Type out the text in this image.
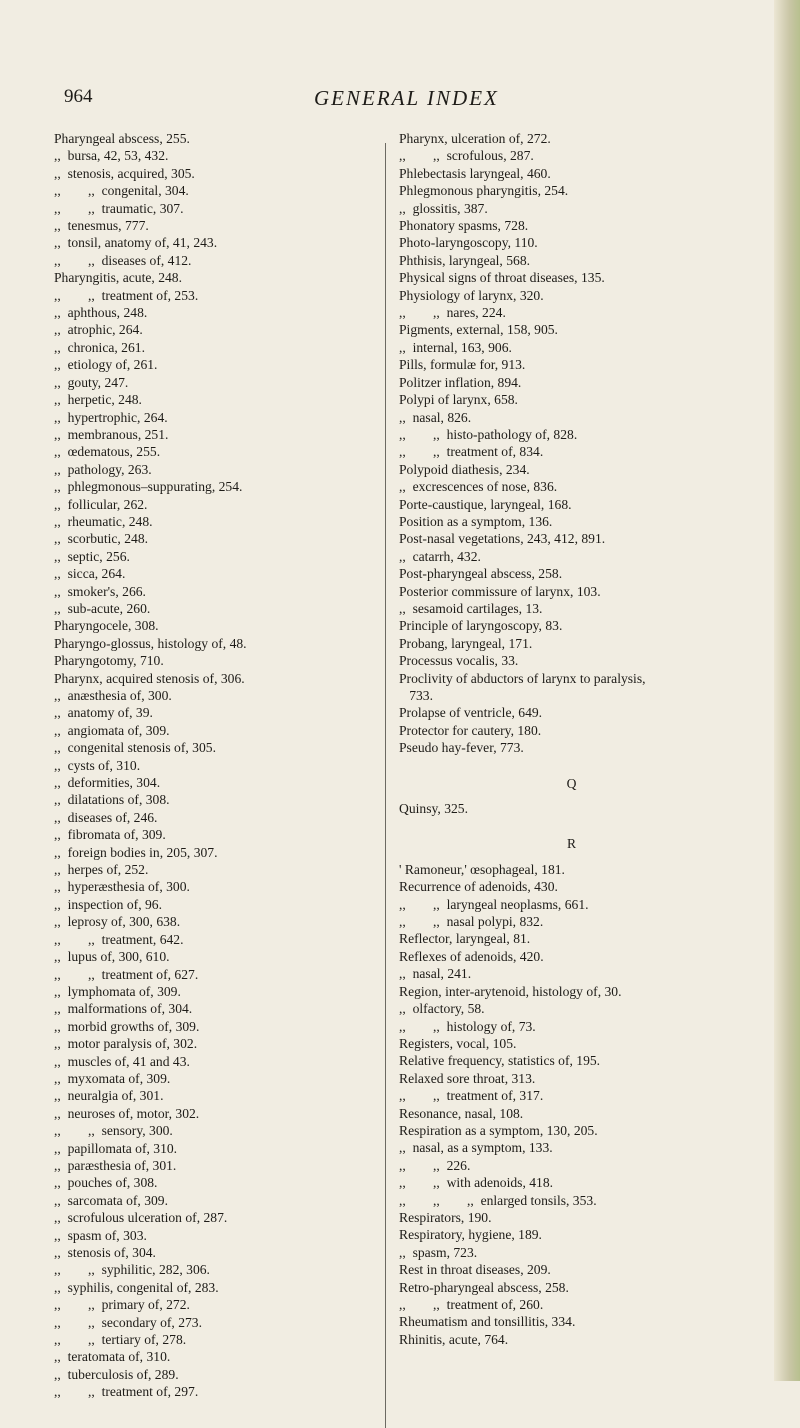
964	GENERAL INDEX
Pharyngeal abscess, 255.
,,  bursa, 42, 53, 432.
,,  stenosis, acquired, 305.
,,        ,,  congenital, 304.
,,        ,,  traumatic, 307.
,,  tenesmus, 777.
,,  tonsil, anatomy of, 41, 243.
,,        ,,  diseases of, 412.
Pharyngitis, acute, 248.
,,        ,,  treatment of, 253.
,,  aphthous, 248.
,,  atrophic, 264.
,,  chronica, 261.
,,  etiology of, 261.
,,  gouty, 247.
,,  herpetic, 248.
,,  hypertrophic, 264.
,,  membranous, 251.
,,  œdematous, 255.
,,  pathology, 263.
,,  phlegmonous–suppurating, 254.
,,  follicular, 262.
,,  rheumatic, 248.
,,  scorbutic, 248.
,,  septic, 256.
,,  sicca, 264.
,,  smoker's, 266.
,,  sub-acute, 260.
Pharyngocele, 308.
Pharyngo-glossus, histology of, 48.
Pharyngotomy, 710.
Pharynx, acquired stenosis of, 306.
,,  anæsthesia of, 300.
,,  anatomy of, 39.
,,  angiomata of, 309.
,,  congenital stenosis of, 305.
,,  cysts of, 310.
,,  deformities, 304.
,,  dilatations of, 308.
,,  diseases of, 246.
,,  fibromata of, 309.
,,  foreign bodies in, 205, 307.
,,  herpes of, 252.
,,  hyperæsthesia of, 300.
,,  inspection of, 96.
,,  leprosy of, 300, 638.
,,        ,,  treatment, 642.
,,  lupus of, 300, 610.
,,        ,,  treatment of, 627.
,,  lymphomata of, 309.
,,  malformations of, 304.
,,  morbid growths of, 309.
,,  motor paralysis of, 302.
,,  muscles of, 41 and 43.
,,  myxomata of, 309.
,,  neuralgia of, 301.
,,  neuroses of, motor, 302.
,,        ,,  sensory, 300.
,,  papillomata of, 310.
,,  paræsthesia of, 301.
,,  pouches of, 308.
,,  sarcomata of, 309.
,,  scrofulous ulceration of, 287.
,,  spasm of, 303.
,,  stenosis of, 304.
,,        ,,  syphilitic, 282, 306.
,,  syphilis, congenital of, 283.
,,        ,,  primary of, 272.
,,        ,,  secondary of, 273.
,,        ,,  tertiary of, 278.
,,  teratomata of, 310.
,,  tuberculosis of, 289.
,,        ,,  treatment of, 297.
Pharynx, ulceration of, 272.
,,        ,,  scrofulous, 287.
Phlebectasis laryngeal, 460.
Phlegmonous pharyngitis, 254.
,,  glossitis, 387.
Phonatory spasms, 728.
Photo-laryngoscopy, 110.
Phthisis, laryngeal, 568.
Physical signs of throat diseases, 135.
Physiology of larynx, 320.
,,        ,,  nares, 224.
Pigments, external, 158, 905.
,,  internal, 163, 906.
Pills, formulæ for, 913.
Politzer inflation, 894.
Polypi of larynx, 658.
,,  nasal, 826.
,,        ,,  histo-pathology of, 828.
,,        ,,  treatment of, 834.
Polypoid diathesis, 234.
,,  excrescences of nose, 836.
Porte-caustique, laryngeal, 168.
Position as a symptom, 136.
Post-nasal vegetations, 243, 412, 891.
,,  catarrh, 432.
Post-pharyngeal abscess, 258.
Posterior commissure of larynx, 103.
,,  sesamoid cartilages, 13.
Principle of laryngoscopy, 83.
Probang, laryngeal, 171.
Processus vocalis, 33.
Proclivity of abductors of larynx to paralysis,
733.
Prolapse of ventricle, 649.
Protector for cautery, 180.
Pseudo hay-fever, 773.
Q
Quinsy, 325.
R
' Ramoneur,' œsophageal, 181.
Recurrence of adenoids, 430.
,,        ,,  laryngeal neoplasms, 661.
,,        ,,  nasal polypi, 832.
Reflector, laryngeal, 81.
Reflexes of adenoids, 420.
,,  nasal, 241.
Region, inter-arytenoid, histology of, 30.
,,  olfactory, 58.
,,        ,,  histology of, 73.
Registers, vocal, 105.
Relative frequency, statistics of, 195.
Relaxed sore throat, 313.
,,        ,,  treatment of, 317.
Resonance, nasal, 108.
Respiration as a symptom, 130, 205.
,,  nasal, as a symptom, 133.
,,        ,,  226.
,,        ,,  with adenoids, 418.
,,        ,,        ,,  enlarged tonsils, 353.
Respirators, 190.
Respiratory, hygiene, 189.
,,  spasm, 723.
Rest in throat diseases, 209.
Retro-pharyngeal abscess, 258.
,,        ,,  treatment of, 260.
Rheumatism and tonsillitis, 334.
Rhinitis, acute, 764.
